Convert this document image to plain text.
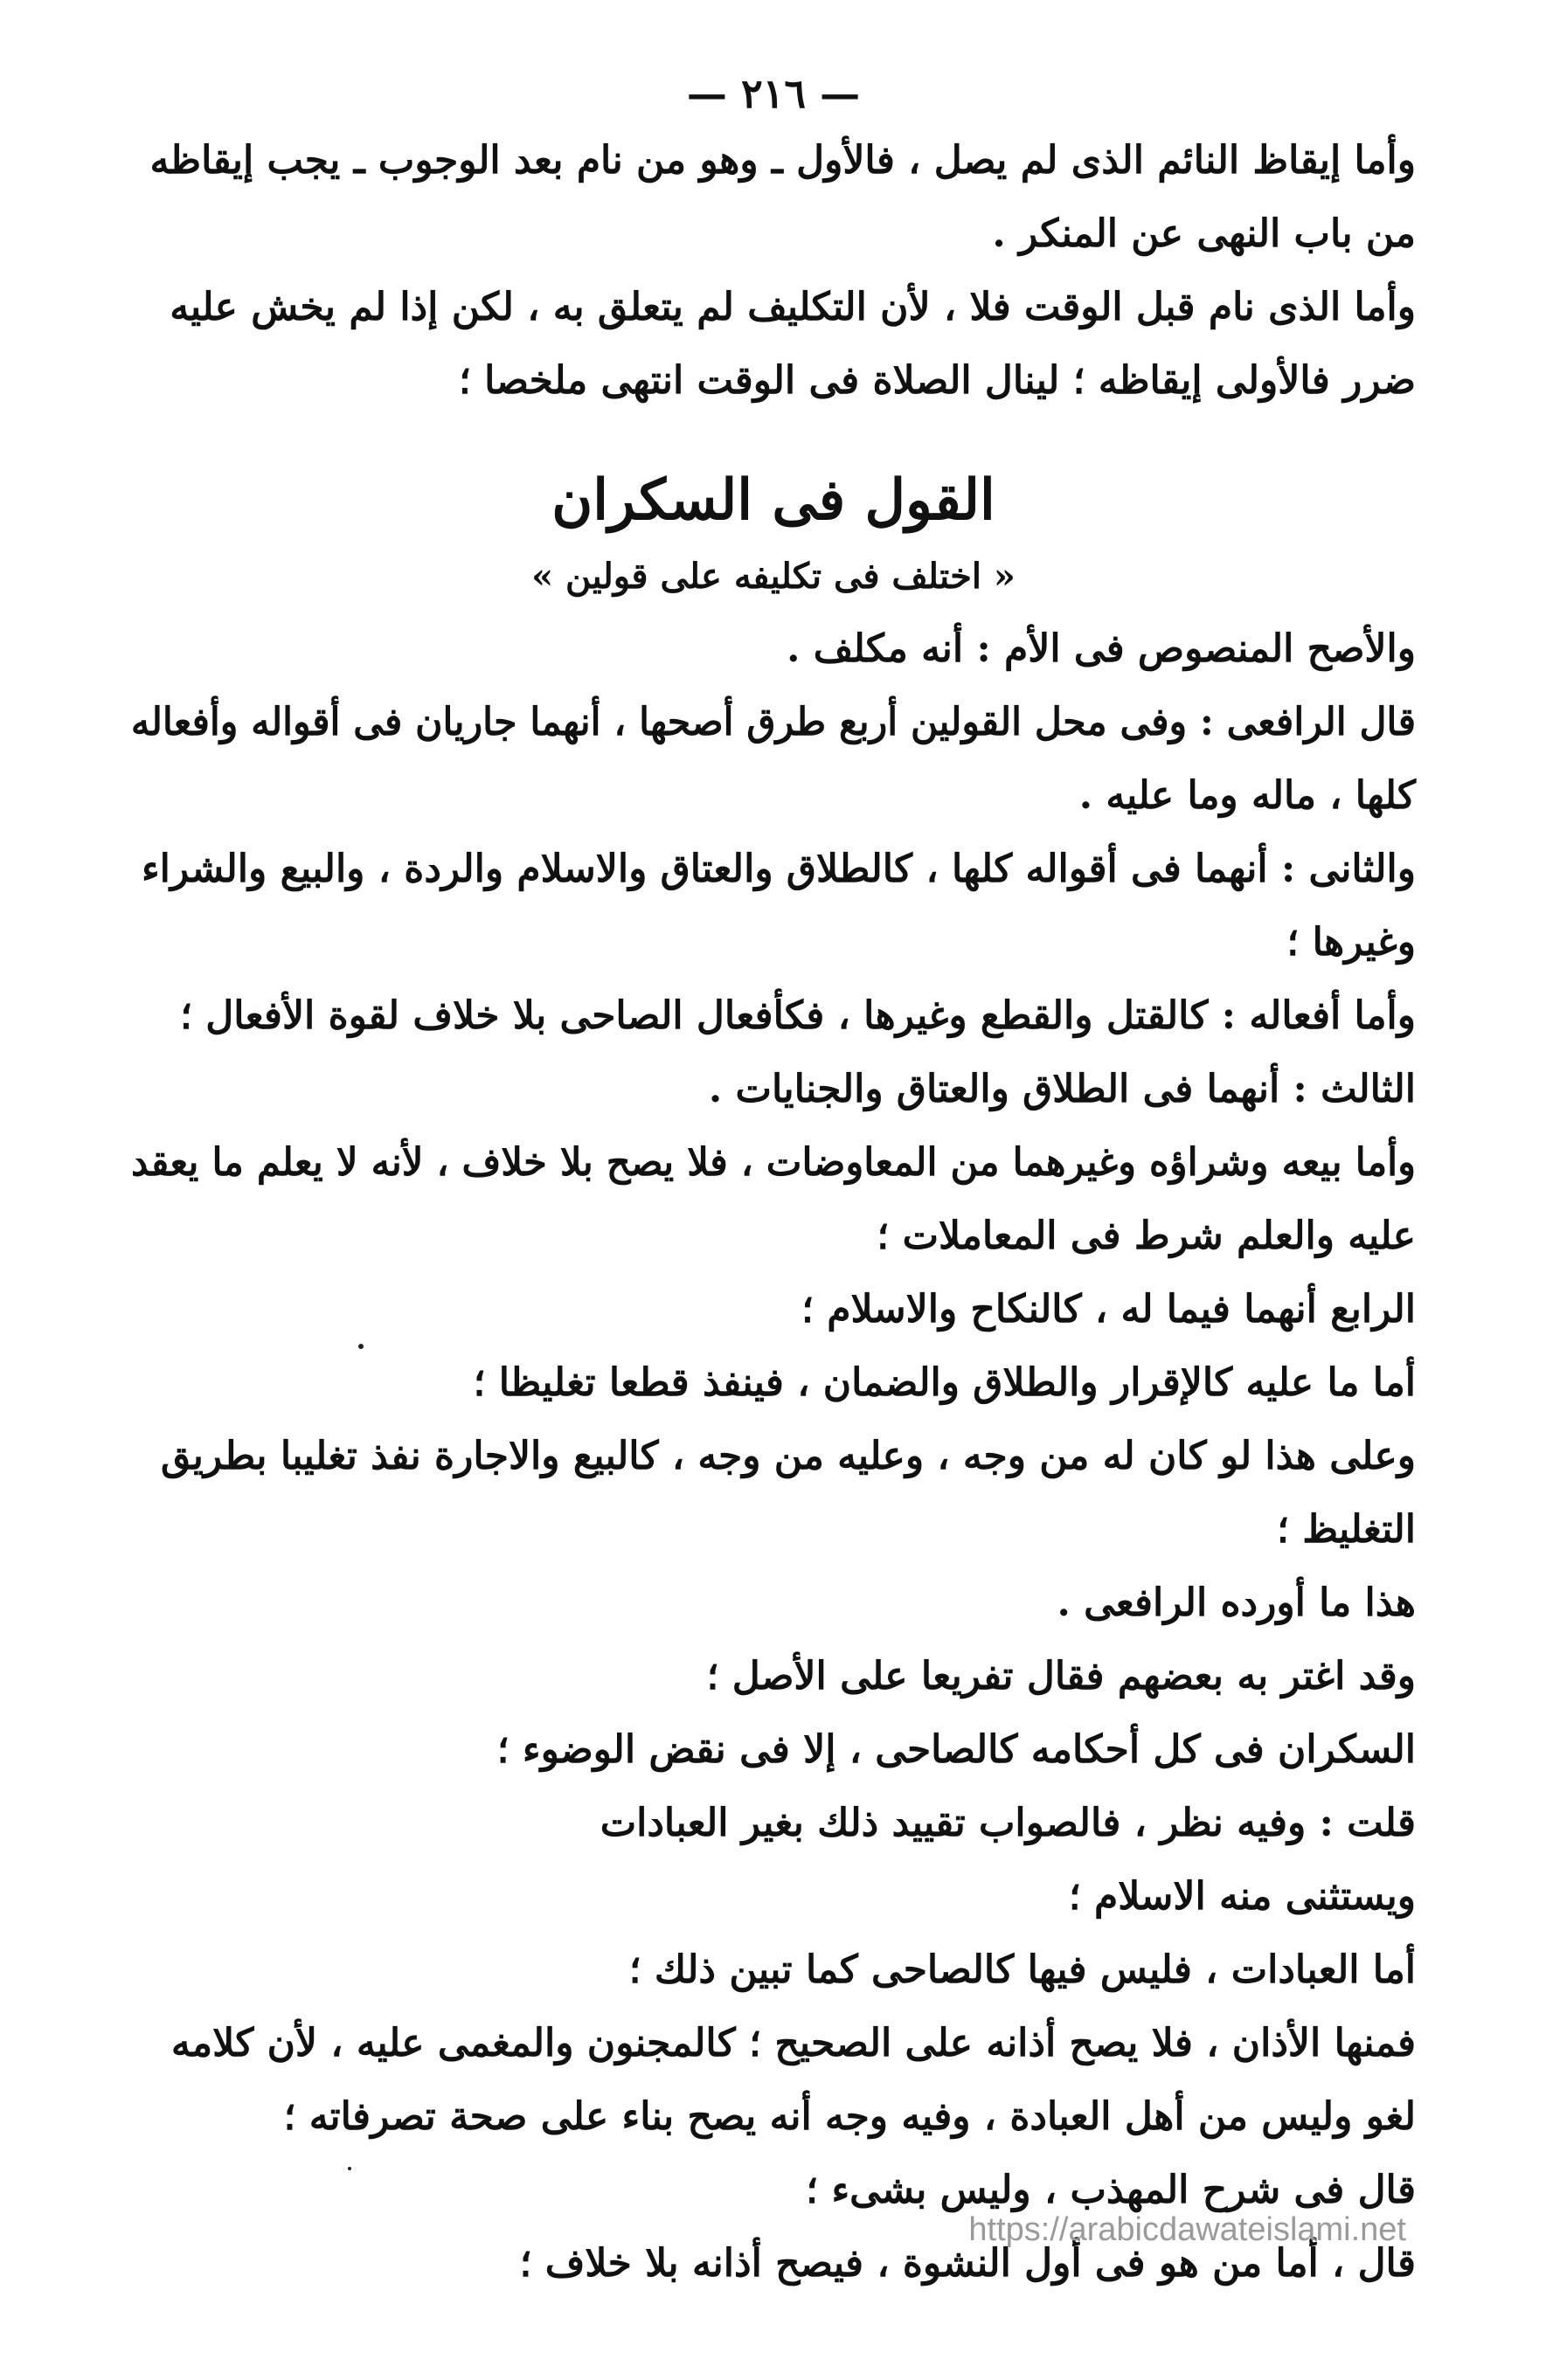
— ٢١٦ —
وأما إيقاظ النائم الذى لم يصل ، فالأول ـ وهو من نام بعد الوجوب ـ يجب إيقاظه
من باب النهى عن المنكر .
وأما الذى نام قبل الوقت فلا ، لأن التكليف لم يتعلق به ، لكن إذا لم يخش عليه
ضرر فالأولى إيقاظه ؛ لينال الصلاة فى الوقت انتهى ملخصا ؛
القول فى السكران
« اختلف فى تكليفه على قولين »
والأصح المنصوص فى الأم : أنه مكلف .
قال الرافعى : وفى محل القولين أربع طرق أصحها ، أنهما جاريان فى أقواله وأفعاله
كلها ، ماله وما عليه .
والثانى : أنهما فى أقواله كلها ، كالطلاق والعتاق والاسلام والردة ، والبيع والشراء
وغيرها ؛
وأما أفعاله : كالقتل والقطع وغيرها ، فكأفعال الصاحى بلا خلاف لقوة الأفعال ؛
الثالث : أنهما فى الطلاق والعتاق والجنايات .
وأما بيعه وشراؤه وغيرهما من المعاوضات ، فلا يصح بلا خلاف ، لأنه لا يعلم ما يعقد
عليه والعلم شرط فى المعاملات ؛
الرابع أنهما فيما له ، كالنكاح والاسلام ؛
أما ما عليه كالإقرار والطلاق والضمان ، فينفذ قطعا تغليظا ؛
وعلى هذا لو كان له من وجه ، وعليه من وجه ، كالبيع والاجارة نفذ تغليبا بطريق
التغليظ ؛
هذا ما أورده الرافعى .
وقد اغتر به بعضهم فقال تفريعا على الأصل ؛
السكران فى كل أحكامه كالصاحى ، إلا فى نقض الوضوء ؛
قلت : وفيه نظر ، فالصواب تقييد ذلك بغير العبادات
ويستثنى منه الاسلام ؛
أما العبادات ، فليس فيها كالصاحى كما تبين ذلك ؛
فمنها الأذان ، فلا يصح أذانه على الصحيح ؛ كالمجنون والمغمى عليه ، لأن كلامه
لغو وليس من أهل العبادة ، وفيه وجه أنه يصح بناء على صحة تصرفاته ؛
قال فى شرح المهذب ، وليس بشىء ؛
قال ، أما من هو فى أول النشوة ، فيصح أذانه بلا خلاف ؛
https://arabicdawateislami.net
